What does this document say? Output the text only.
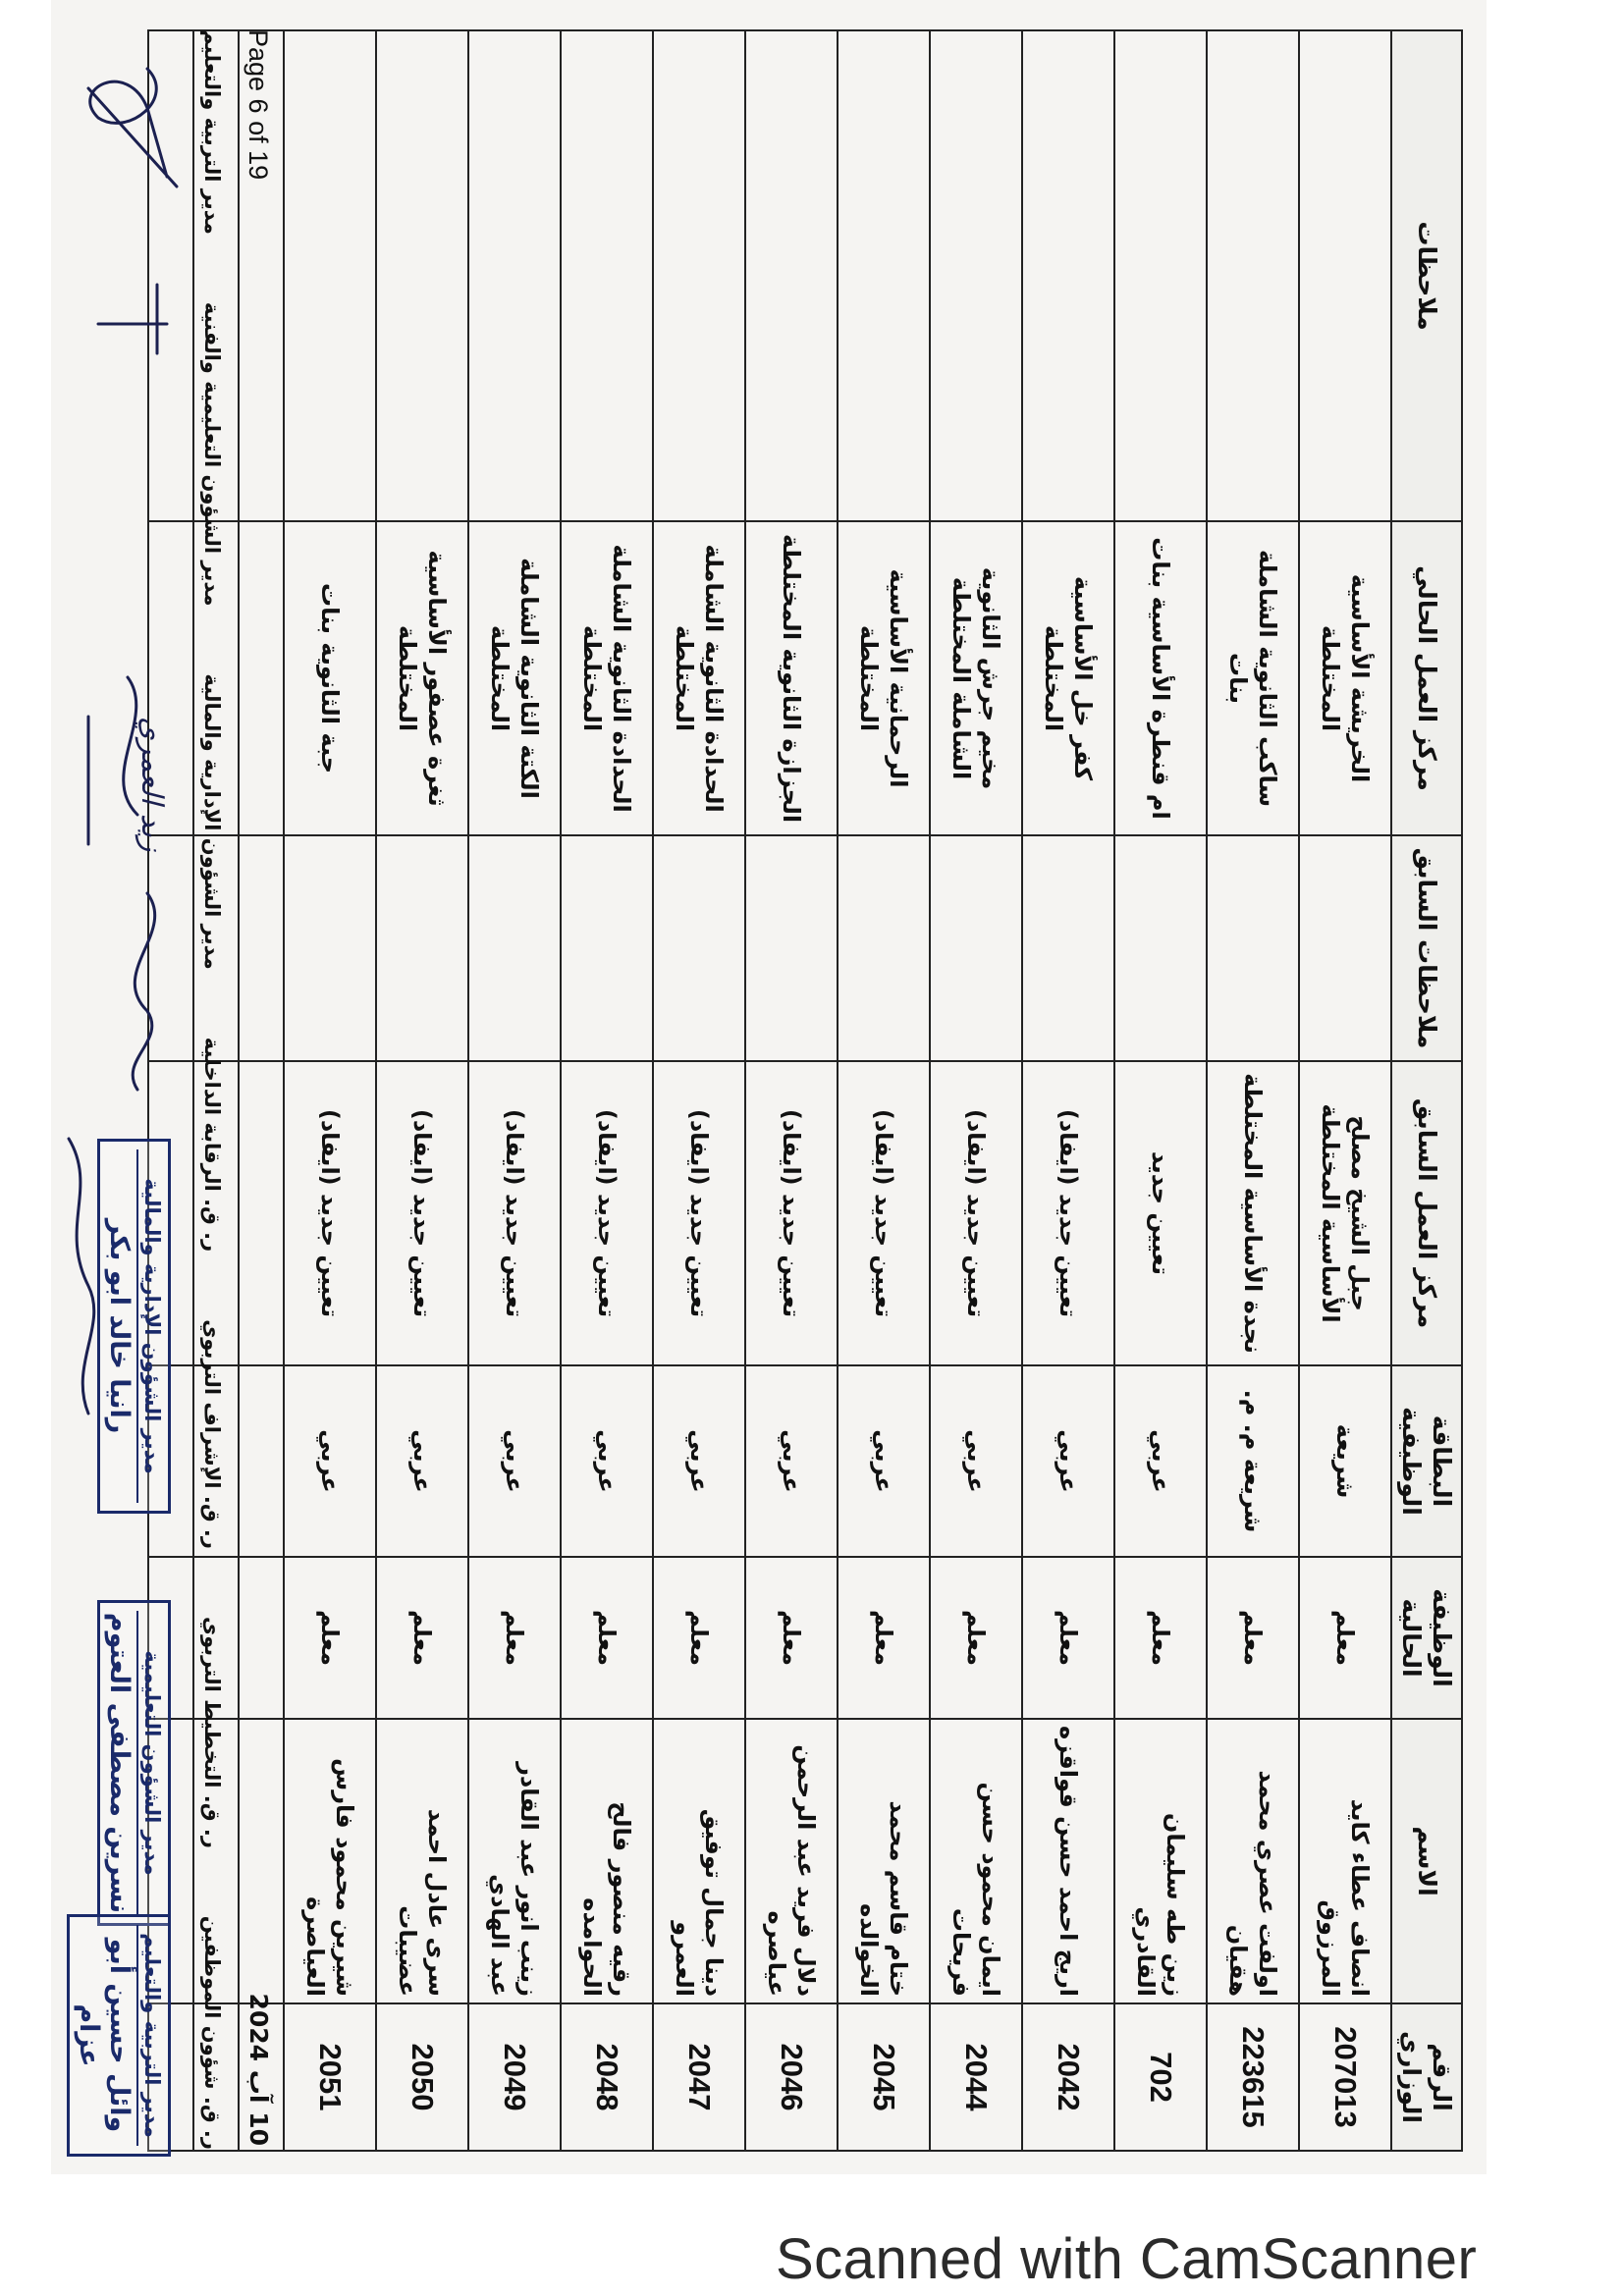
الرقم الوزاري	الاسم	الوظيفة الحالية	البطاقة الوظيفية	مركز العمل السابق	ملاحظات السابق	مركز العمل الحالي	ملاحظات
207013	انصاف عطاء كايد المرزوق	معلم	شريعة	جبل الشيخ مصلح الأساسية المختلطة		الخريشة الأساسية المختلطة	
223615	اولفت عصري محمد هقيان	معلم	شريعة م. م.	نجدة الأساسية المختلطة		ساكب الثانوية الشاملة بنات	
702	زين طه سليمان القادري	معلم	عربي	تعيين جديد		ام قنطرة الأساسية بنات	
2042	اريج احمد حسن قواقزه	معلم	عربي	تعيين جديد (ايفاد)		كفر خل الأساسية المختلطة	
2044	ايمان محمود حسن فريحات	معلم	عربي	تعيين جديد (ايفاد)		مخيم جرش الثانوية الشاملة المختلطة	
2045	ختام قاسم محمد الخوالده	معلم	عربي	تعيين جديد (ايفاد)		الرحمانية الأساسية المختلطة	
2046	دلال فريد عبد الرحمن عياصره	معلم	عربي	تعيين جديد (ايفاد)		الجزازة الثانوية المختلطة	
2047	دينا جمال توفيق العمرو	معلم	عربي	تعيين جديد (ايفاد)		الحدادة الثانوية الشاملة المختلطة	
2048	رقيه منصور فالح الحوامده	معلم	عربي	تعيين جديد (ايفاد)		الحدادة الثانوية الشاملة المختلطة	
2049	زينب انور عبد القادر عبد الهادي	معلم	عربي	تعيين جديد (ايفاد)		الكتة الثانوية الشاملة المختلطة	
2050	سرى عادل احمد عضيبات	معلم	عربي	تعيين جديد (ايفاد)		ثغرة عصفور الأساسية المختلطة	
2051	شيرين محمود فارس العياصرة	معلم	عربي	تعيين جديد (ايفاد)		جبة الثانوية بنات	

Page 6 of 19
10 آب 2024
ر. ق. شؤون الموظفين
ر. ق. التخطيط التربوي
ر. ق. الإشراف التربوي
ر. ق. الرقابة الداخلية
مدير الشؤون الإدارية والمالية
مدير الشؤون التعليمية والفنية
مدير التربية والتعليم
مدير الشؤون الإدارية والمالية
رانيا خالد ابو بكر
مدير الشؤون التعليمية
نسرين مصطفى العتوم
مدير التربية والتعليم
وائل حسين أبو عزام
زيد العمري
Scanned with CamScanner
